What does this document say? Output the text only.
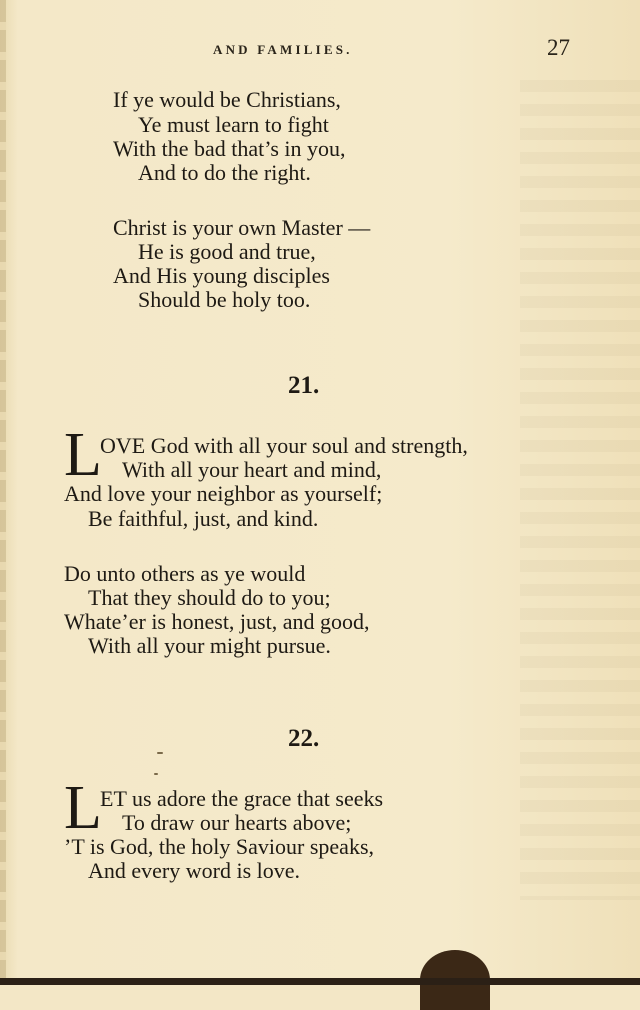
AND FAMILIES.	27
If ye would be Christians,
Ye must learn to fight
With the bad that’s in you,
And to do the right.
Christ is your own Master —
He is good and true,
And His young disciples
Should be holy too.
21.
L
OVE God with all your soul and strength,
With all your heart and mind,
And love your neighbor as yourself;
Be faithful, just, and kind.
Do unto others as ye would
That they should do to you;
Whate’er is honest, just, and good,
With all your might pursue.
22.
L
ET us adore the grace that seeks
To draw our hearts above;
’T is God, the holy Saviour speaks,
And every word is love.
